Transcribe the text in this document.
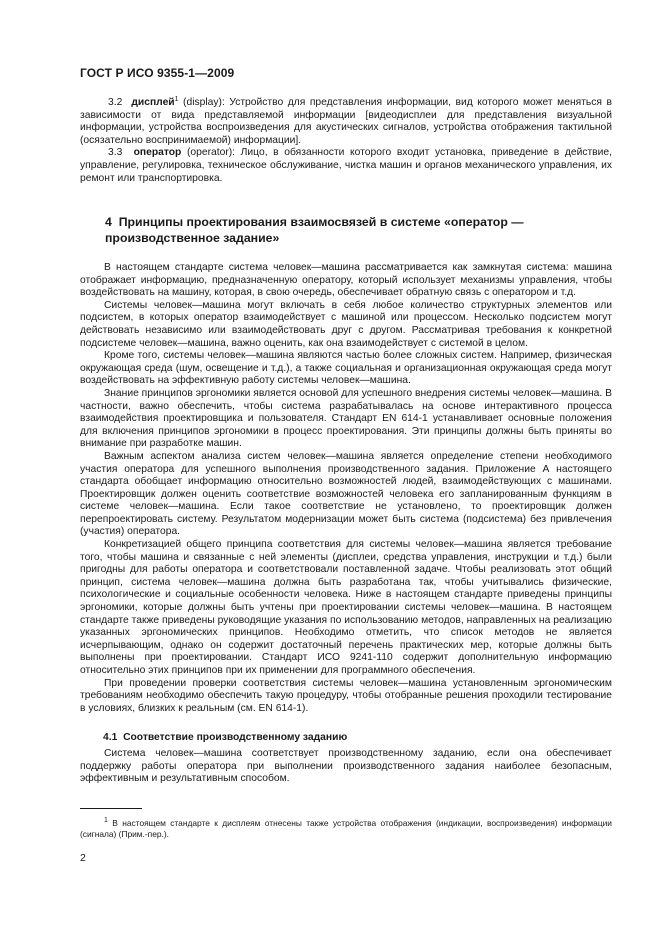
ГОСТ Р ИСО 9355-1—2009

3.2 дисплей$^1$ (display): Устройство для представления информации, вид которого может меняться в зависимости от вида представляемой информации [видеодисплеи для представления визуальной информации, устройства воспроизведения для акустических сигналов, устройства отображения тактильной (осязательно воспринимаемой) информации].

3.3 оператор (operator): Лицо, в обязанности которого входит установка, приведение в действие, управление, регулировка, техническое обслуживание, чистка машин и органов механического управления, их ремонт или транспортировка.

4 Принципы проектирования взаимосвязей в системе «оператор — производственное задание»

В настоящем стандарте система человек—машина рассматривается как замкнутая система: машина отображает информацию, предназначенную оператору, который использует механизмы управления, чтобы воздействовать на машину, которая, в свою очередь, обеспечивает обратную связь с оператором и т.д.

Системы человек—машина могут включать в себя любое количество структурных элементов или подсистем, в которых оператор взаимодействует с машиной или процессом. Несколько подсистем могут действовать независимо или взаимодействовать друг с другом. Рассматривая требования к конкретной подсистеме человек—машина, важно оценить, как она взаимодействует с системой в целом.

Кроме того, системы человек—машина являются частью более сложных систем. Например, физическая окружающая среда (шум, освещение и т.д.), а также социальная и организационная окружающая среда могут воздействовать на эффективную работу системы человек—машина.

Знание принципов эргономики является основой для успешного внедрения системы человек—машина. В частности, важно обеспечить, чтобы система разрабатывалась на основе интерактивного процесса взаимодействия проектировщика и пользователя. Стандарт EN 614-1 устанавливает основные положения для включения принципов эргономики в процесс проектирования. Эти принципы должны быть приняты во внимание при разработке машин.

Важным аспектом анализа систем человек—машина является определение степени необходимого участия оператора для успешного выполнения производственного задания. Приложение А настоящего стандарта обобщает информацию относительно возможностей людей, взаимодействующих с машинами. Проектировщик должен оценить соответствие возможностей человека его запланированным функциям в системе человек—машина. Если такое соответствие не установлено, то проектировщик должен перепроектировать систему. Результатом модернизации может быть система (подсистема) без привлечения (участия) оператора.

Конкретизацией общего принципа соответствия для системы человек—машина является требование того, чтобы машина и связанные с ней элементы (дисплеи, средства управления, инструкции и т.д.) были пригодны для работы оператора и соответствовали поставленной задаче. Чтобы реализовать этот общий принцип, система человек—машина должна быть разработана так, чтобы учитывались физические, психологические и социальные особенности человека. Ниже в настоящем стандарте приведены принципы эргономики, которые должны быть учтены при проектировании системы человек—машина. В настоящем стандарте также приведены руководящие указания по использованию методов, направленных на реализацию указанных эргономических принципов. Необходимо отметить, что список методов не является исчерпывающим, однако он содержит достаточный перечень практических мер, которые должны быть выполнены при проектировании. Стандарт ИСО 9241-110 содержит дополнительную информацию относительно этих принципов при их применении для программного обеспечения.

При проведении проверки соответствия системы человек—машина установленным эргономическим требованиям необходимо обеспечить такую процедуру, чтобы отобранные решения проходили тестирование в условиях, близких к реальным (см. EN 614-1).

4.1 Соответствие производственному заданию

Система человек—машина соответствует производственному заданию, если она обеспечивает поддержку работы оператора при выполнении производственного задания наиболее безопасным, эффективным и результативным способом.

$^1$ В настоящем стандарте к дисплеям отнесены также устройства отображения (индикации, воспроизведения) информации (сигнала) (Прим.-пер.).

2
